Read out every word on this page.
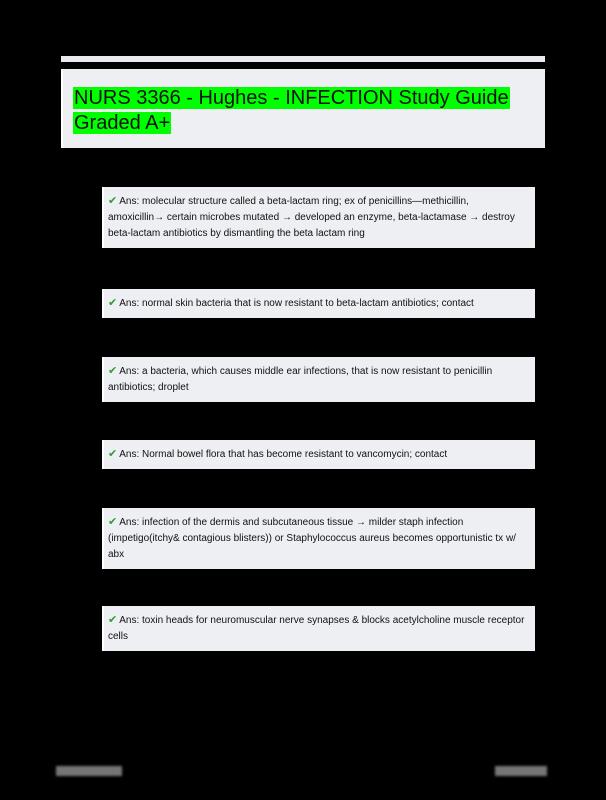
NURS 3366 - Hughes - INFECTION Study Guide
Graded A+
✔ Ans: molecular structure called a beta-lactam ring; ex of penicillins—methicillin, amoxicillin→ certain microbes mutated → developed an enzyme, beta-lactamase → destroy beta-lactam antibiotics by dismantling the beta lactam ring
✔ Ans: normal skin bacteria that is now resistant to beta-lactam antibiotics; contact
✔ Ans: a bacteria, which causes middle ear infections, that is now resistant to penicillin antibiotics; droplet
✔ Ans: Normal bowel flora that has become resistant to vancomycin; contact
✔ Ans: infection of the dermis and subcutaneous tissue → milder staph infection (impetigo(itchy& contagious blisters)) or Staphylococcus aureus becomes opportunistic tx w/ abx
✔ Ans: toxin heads for neuromuscular nerve synapses & blocks acetylcholine muscle receptor cells
